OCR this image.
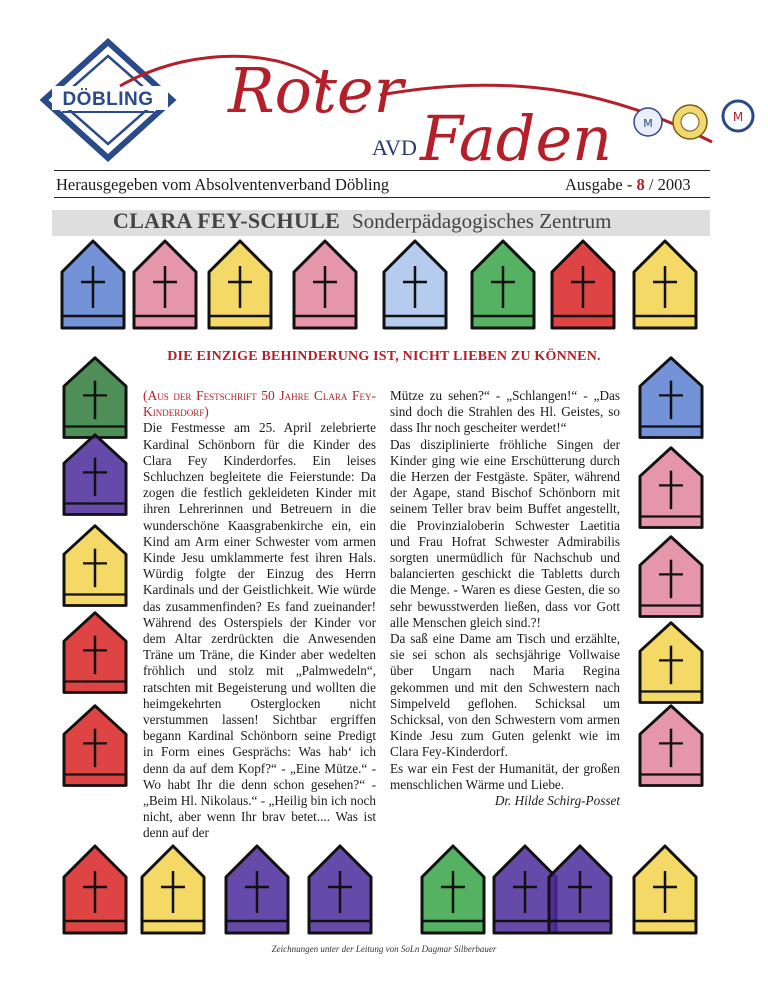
DÖBLING Roter
Faden
AVD
M	M
Herausgegeben vom Absolventenverband Döbling	Ausgabe - 8 / 2003
CLARA FEY-SCHULE Sonderpädagogisches Zentrum
DIE EINZIGE BEHINDERUNG IST, NICHT LIEBEN ZU KÖNNEN.

(Aus der Festschrift 50 Jahre Clara Fey-Kinderdorf)

Die Festmesse am 25. April zelebrierte Kardinal Schönborn für die Kinder des Clara Fey Kinderdorfes. Ein leises Schluchzen begleitete die Feierstunde: Da zogen die festlich gekleideten Kinder mit ihren Lehrerinnen und Betreuern in die wunderschöne Kaasgrabenkirche ein, ein Kind am Arm einer Schwester vom armen Kinde Jesu umklammerte fest ihren Hals. Würdig folgte der Einzug des Herrn Kardinals und der Geistlichkeit. Wie würde das zusammenfinden? Es fand zueinander! Während des Osterspiels der Kinder vor dem Altar zerdrückten die Anwesenden Träne um Träne, die Kinder aber wedelten fröhlich und stolz mit „Palmwedeln“, ratschten mit Begeisterung und wollten die heimgekehrten Osterglocken nicht verstummen lassen! Sichtbar ergriffen begann Kardinal Schönborn seine Predigt in Form eines Gesprächs: Was hab‘ ich denn da auf dem Kopf?“ - „Eine Mütze.“ - Wo habt Ihr die denn schon gesehen?“ - „Beim Hl. Nikolaus.“ - „Heilig bin ich noch nicht, aber wenn Ihr brav betet.... Was ist denn auf der

Mütze zu sehen?“ - „Schlangen!“ - „Das sind doch die Strahlen des Hl. Geistes, so dass Ihr noch gescheiter werdet!“

Das disziplinierte fröhliche Singen der Kinder ging wie eine Erschütterung durch die Herzen der Festgäste. Später, während der Agape, stand Bischof Schönborn mit seinem Teller brav beim Buffet angestellt, die Provinzialoberin Schwester Laetitia und Frau Hofrat Schwester Admirabilis sorgten unermüdlich für Nachschub und balancierten geschickt die Tabletts durch die Menge. - Waren es diese Gesten, die so sehr bewusstwerden ließen, dass vor Gott alle Menschen gleich sind.?!

Da saß eine Dame am Tisch und erzählte, sie sei schon als sechsjährige Vollwaise über Ungarn nach Maria Regina gekommen und mit den Schwestern nach Simpelveld geflohen. Schicksal um Schicksal, von den Schwestern vom armen Kinde Jesu zum Guten gelenkt wie im Clara Fey-Kinderdorf.

Es war ein Fest der Humanität, der großen menschlichen Wärme und Liebe.

Dr. Hilde Schirg-Posset

Zeichnungen unter der Leitung von SoLn Dagmar Silberbauer
